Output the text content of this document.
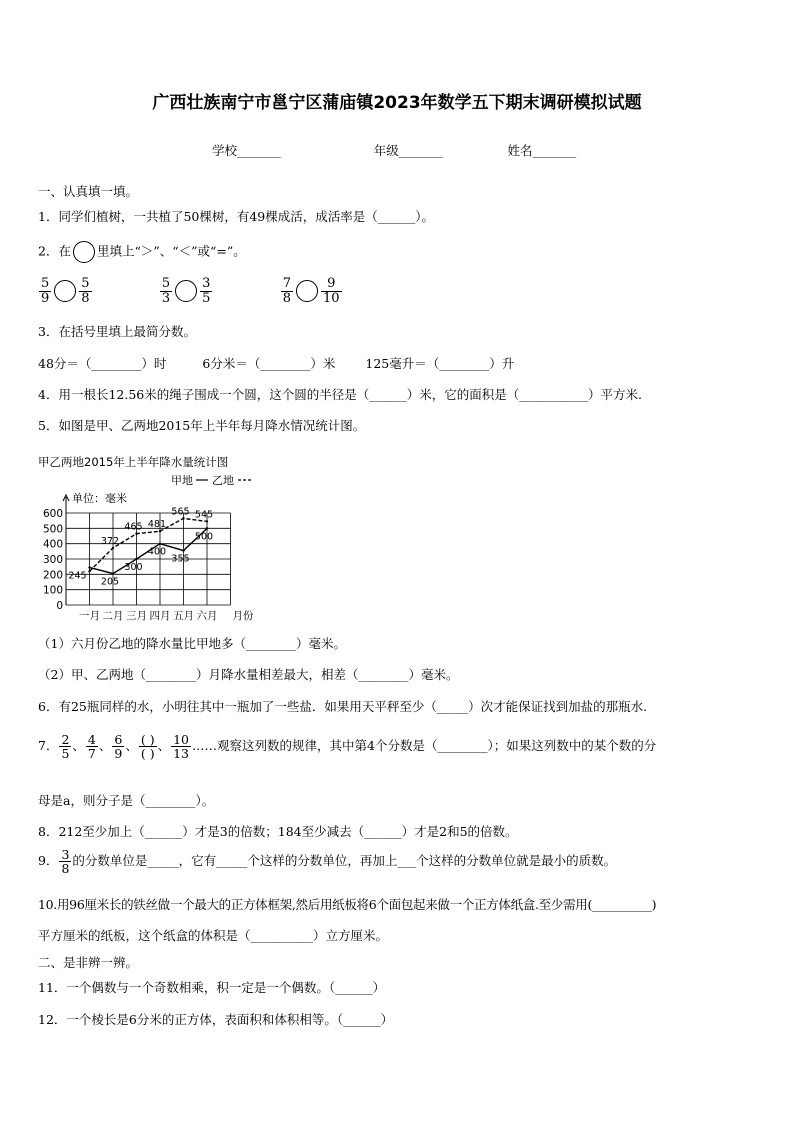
广西壮族南宁市邕宁区蒲庙镇2023年数学五下期末调研模拟试题
学校_______	年级_______	姓名_______
一、认真填一填。
1．同学们植树，一共植了50棵树，有49棵成活，成活率是（______）。
2．在 里填上“＞”、“＜”或“=”。
$\frac{5}{9} \frac{5}{8}$
	$\frac{5}{3} \frac{3}{5}$
	$\frac{7}{8} \frac{9}{10}$
3．在括号里填上最简分数。
48分＝（________）时	6分米＝（________）米 125毫升＝（________）升
4．用一根长12.56米的绳子围成一个圆，这个圆的半径是（______）米，它的面积是（___________）平方米.
5．如图是甲、乙两地2015年上半年每月降水情况统计图。
甲乙两地2015年上半年降水量统计图
甲地 乙地
单位：毫米
0
100
200
300
400
500
600
一月 二月 三月 四月 五月 六月 月份
245
205
300
400
355
500
372
465 481
565 545
（1）六月份乙地的降水量比甲地多（________）毫米。
（2）甲、乙两地（________）月降水量相差最大，相差（________）毫米。
6．有25瓶同样的水，小明往其中一瓶加了一些盐．如果用天平秤至少（_____）次才能保证找到加盐的那瓶水.
7． $\frac{2}{5}$ 、 $\frac{4}{7}$ 、 $\frac{6}{9}$ 、 $\frac{( )}{( )}$ 、 $\frac{10}{13}$ ……观察这列数的规律，其中第4个分数是（________）；如果这列数中的某个数的分
母是a，则分子是（________）。
8．212至少加上（______）才是3的倍数；184至少减去（______）才是2和5的倍数。
9． $\frac{3}{8}$ 的分数单位是_____，它有_____个这样的分数单位，再加上___个这样的分数单位就是最小的质数。
10.用96厘米长的铁丝做一个最大的正方体框架,然后用纸板将6个面包起来做一个正方体纸盒.至少需用(__________)
平方厘米的纸板，这个纸盒的体积是（__________）立方厘米。
二、是非辨一辨。
11．一个偶数与一个奇数相乘，积一定是一个偶数。（______）
12．一个棱长是6分米的正方体，表面积和体积相等。（______）
